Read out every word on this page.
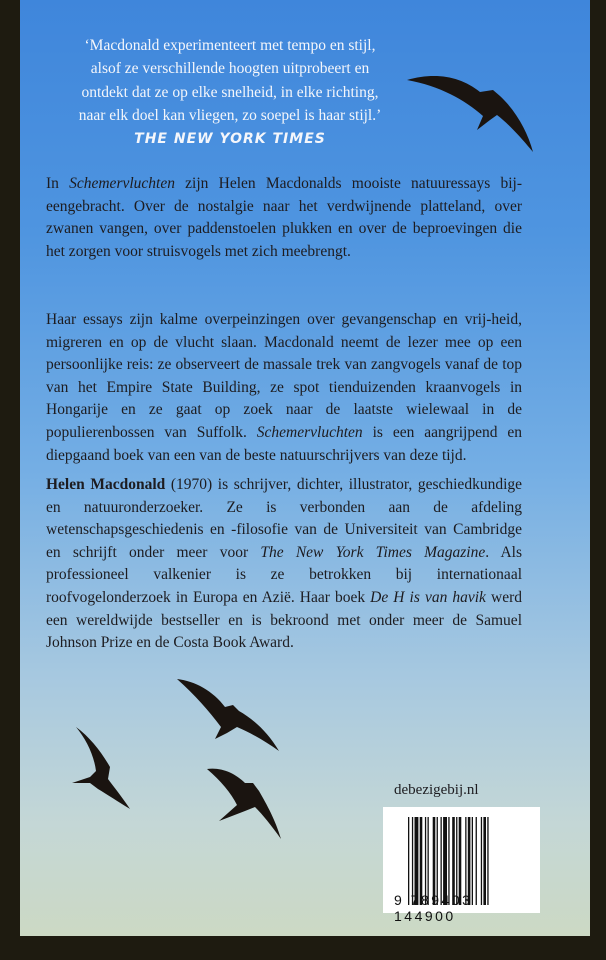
‘Macdonald experimenteert met tempo en stijl,
alsof ze verschillende hoogten uitprobeert en
ontdekt dat ze op elke snelheid, in elke richting,
naar elk doel kan vliegen, zo soepel is haar stijl.’
THE NEW YORK TIMES

In Schemervluchten zijn Helen Macdonalds mooiste natuuressays bij-eengebracht. Over de nostalgie naar het verdwijnende platteland, over zwanen vangen, over paddenstoelen plukken en over de beproevingen die het zorgen voor struisvogels met zich meebrengt.

Haar essays zijn kalme overpeinzingen over gevangenschap en vrij-heid, migreren en op de vlucht slaan. Macdonald neemt de lezer mee op een persoonlijke reis: ze observeert de massale trek van zangvogels vanaf de top van het Empire State Building, ze spot tienduizenden kraanvogels in Hongarije en ze gaat op zoek naar de laatste wielewaal in de populierenbossen van Suffolk. Schemervluchten is een aangrijpend en diepgaand boek van een van de beste natuurschrijvers van deze tijd.

Helen Macdonald (1970) is schrijver, dichter, illustrator, geschiedkundige en natuuronderzoeker. Ze is verbonden aan de afdeling wetenschapsgeschiedenis en -filosofie van de Universiteit van Cambridge en schrijft onder meer voor The New York Times Magazine. Als professioneel valkenier is ze betrokken bij internationaal roofvogelonderzoek in Europa en Azië. Haar boek De H is van havik werd een wereldwijde bestseller en is bekroond met onder meer de Samuel Johnson Prize en de Costa Book Award.

debezigebij.nl
9 789403 144900
